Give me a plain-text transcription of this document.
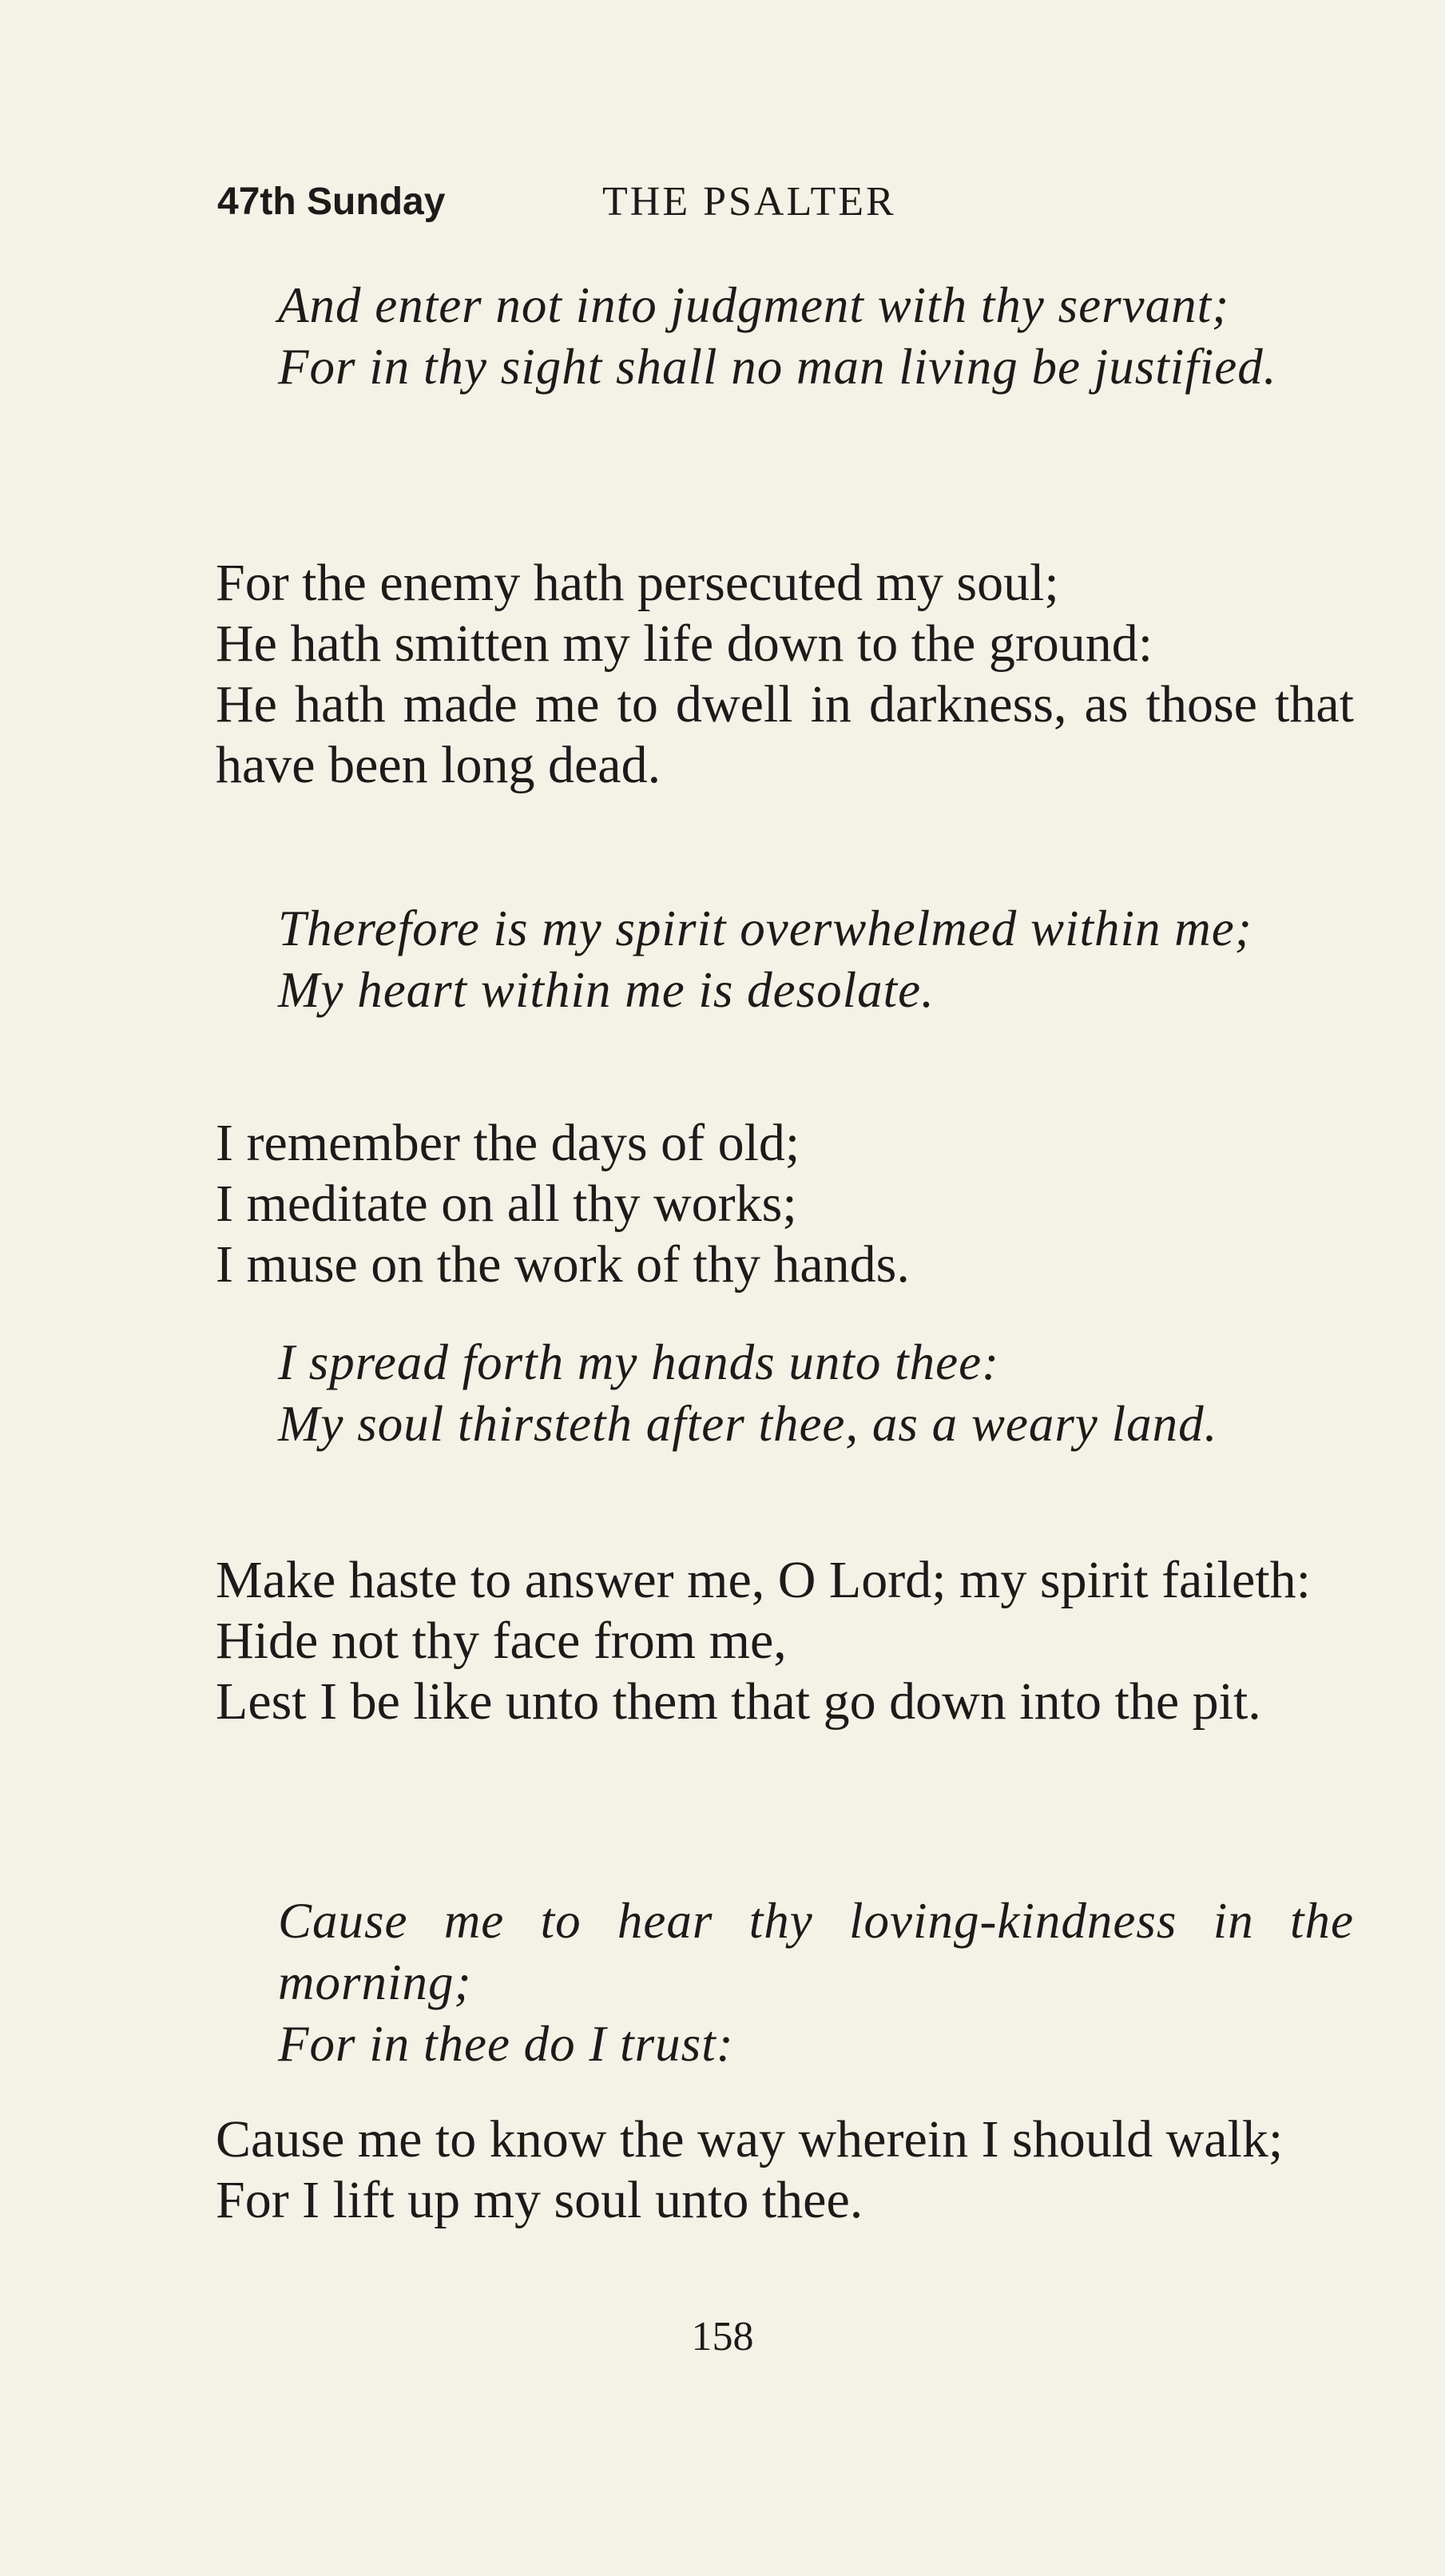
47th Sunday	THE PSALTER
And enter not into judgment with thy servant;
For in thy sight shall no man living be justified.
For the enemy hath persecuted my soul;
He hath smitten my life down to the ground:
He hath made me to dwell in darkness, as those that have been long dead.
Therefore is my spirit overwhelmed within me;
My heart within me is desolate.
I remember the days of old;
I meditate on all thy works;
I muse on the work of thy hands.
I spread forth my hands unto thee:
My soul thirsteth after thee, as a weary land.
Make haste to answer me, O Lord; my spirit faileth:
Hide not thy face from me,
Lest I be like unto them that go down into the pit.
Cause me to hear thy loving-kindness in the morning;
For in thee do I trust:
Cause me to know the way wherein I should walk;
For I lift up my soul unto thee.
158
